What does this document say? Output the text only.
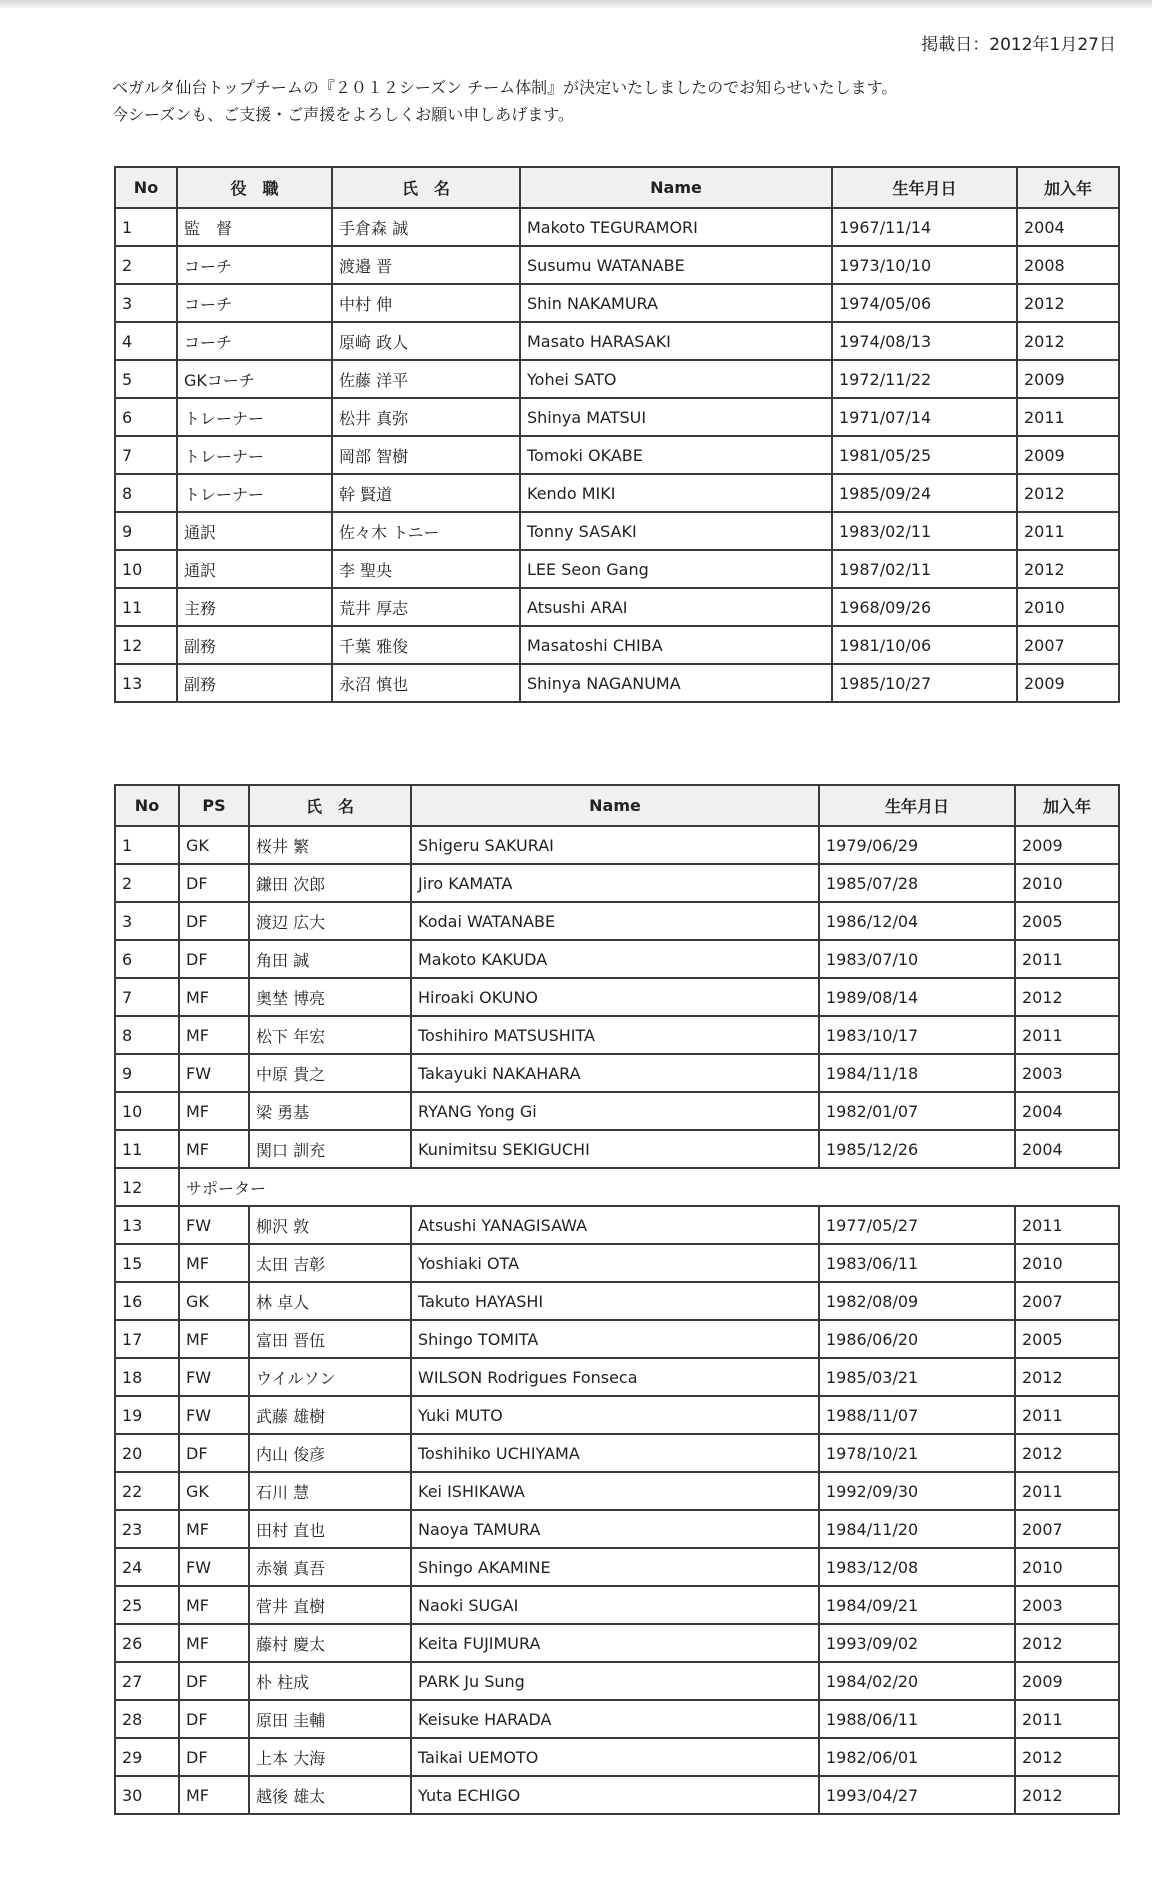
掲載日：2012年1月27日
ベガルタ仙台トップチームの『２０１２シーズン チーム体制』が決定いたしましたのでお知らせいたします。
今シーズンも、ご支援・ご声援をよろしくお願い申しあげます。
No	役　職	氏　名	Name	生年月日	加入年
1	監　督	手倉森 誠	Makoto TEGURAMORI	1967/11/14	2004
2	コーチ	渡邉 晋	Susumu WATANABE	1973/10/10	2008
3	コーチ	中村 伸	Shin NAKAMURA	1974/05/06	2012
4	コーチ	原崎 政人	Masato HARASAKI	1974/08/13	2012
5	GKコーチ	佐藤 洋平	Yohei SATO	1972/11/22	2009
6	トレーナー	松井 真弥	Shinya MATSUI	1971/07/14	2011
7	トレーナー	岡部 智樹	Tomoki OKABE	1981/05/25	2009
8	トレーナー	幹 賢道	Kendo MIKI	1985/09/24	2012
9	通訳	佐々木 トニー	Tonny SASAKI	1983/02/11	2011
10	通訳	李 聖央	LEE Seon Gang	1987/02/11	2012
11	主務	荒井 厚志	Atsushi ARAI	1968/09/26	2010
12	副務	千葉 雅俊	Masatoshi CHIBA	1981/10/06	2007
13	副務	永沼 慎也	Shinya NAGANUMA	1985/10/27	2009
No	PS	氏　名	Name	生年月日	加入年
1	GK	桜井 繁	Shigeru SAKURAI	1979/06/29	2009
2	DF	鎌田 次郎	Jiro KAMATA	1985/07/28	2010
3	DF	渡辺 広大	Kodai WATANABE	1986/12/04	2005
6	DF	角田 誠	Makoto KAKUDA	1983/07/10	2011
7	MF	奥埜 博亮	Hiroaki OKUNO	1989/08/14	2012
8	MF	松下 年宏	Toshihiro MATSUSHITA	1983/10/17	2011
9	FW	中原 貴之	Takayuki NAKAHARA	1984/11/18	2003
10	MF	梁 勇基	RYANG Yong Gi	1982/01/07	2004
11	MF	関口 訓充	Kunimitsu SEKIGUCHI	1985/12/26	2004
12	サポーター				
13	FW	柳沢 敦	Atsushi YANAGISAWA	1977/05/27	2011
15	MF	太田 吉彰	Yoshiaki OTA	1983/06/11	2010
16	GK	林 卓人	Takuto HAYASHI	1982/08/09	2007
17	MF	富田 晋伍	Shingo TOMITA	1986/06/20	2005
18	FW	ウイルソン	WILSON Rodrigues Fonseca	1985/03/21	2012
19	FW	武藤 雄樹	Yuki MUTO	1988/11/07	2011
20	DF	内山 俊彦	Toshihiko UCHIYAMA	1978/10/21	2012
22	GK	石川 慧	Kei ISHIKAWA	1992/09/30	2011
23	MF	田村 直也	Naoya TAMURA	1984/11/20	2007
24	FW	赤嶺 真吾	Shingo AKAMINE	1983/12/08	2010
25	MF	菅井 直樹	Naoki SUGAI	1984/09/21	2003
26	MF	藤村 慶太	Keita FUJIMURA	1993/09/02	2012
27	DF	朴 柱成	PARK Ju Sung	1984/02/20	2009
28	DF	原田 圭輔	Keisuke HARADA	1988/06/11	2011
29	DF	上本 大海	Taikai UEMOTO	1982/06/01	2012
30	MF	越後 雄太	Yuta ECHIGO	1993/04/27	2012
